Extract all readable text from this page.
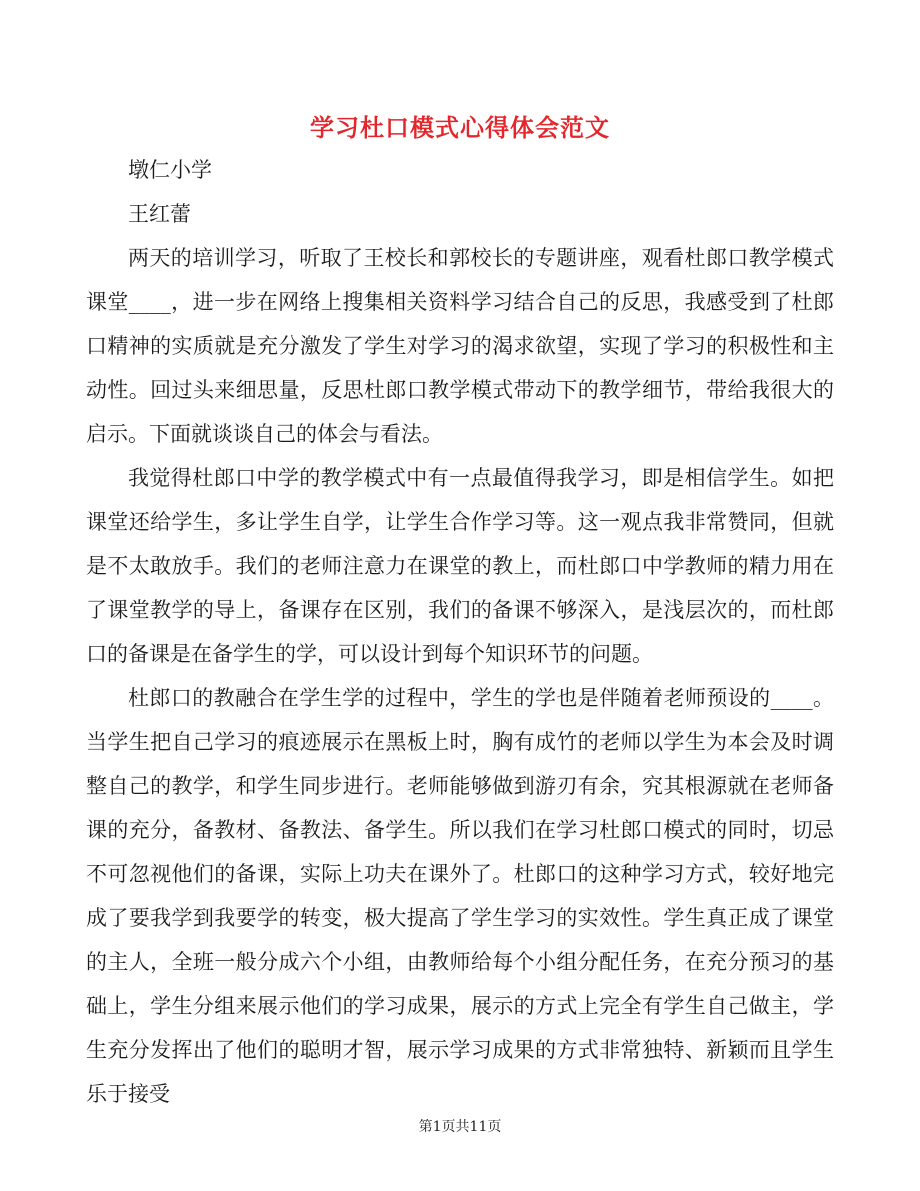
学习杜口模式心得体会范文

墩仁小学

王红蕾

两天的培训学习，听取了王校长和郭校长的专题讲座，观看杜郎口教学模式

课堂____，进一步在网络上搜集相关资料学习结合自己的反思，我感受到了杜郎

口精神的实质就是充分激发了学生对学习的渴求欲望，实现了学习的积极性和主

动性。回过头来细思量，反思杜郎口教学模式带动下的教学细节，带给我很大的

启示。下面就谈谈自己的体会与看法。

我觉得杜郎口中学的教学模式中有一点最值得我学习，即是相信学生。如把

课堂还给学生，多让学生自学，让学生合作学习等。这一观点我非常赞同，但就

是不太敢放手。我们的老师注意力在课堂的教上，而杜郎口中学教师的精力用在

了课堂教学的导上，备课存在区别，我们的备课不够深入，是浅层次的，而杜郎

口的备课是在备学生的学，可以设计到每个知识环节的问题。

杜郎口的教融合在学生学的过程中，学生的学也是伴随着老师预设的____。

当学生把自己学习的痕迹展示在黑板上时，胸有成竹的老师以学生为本会及时调

整自己的教学，和学生同步进行。老师能够做到游刃有余，究其根源就在老师备

课的充分，备教材、备教法、备学生。所以我们在学习杜郎口模式的同时，切忌

不可忽视他们的备课，实际上功夫在课外了。杜郎口的这种学习方式，较好地完

成了要我学到我要学的转变，极大提高了学生学习的实效性。学生真正成了课堂

的主人，全班一般分成六个小组，由教师给每个小组分配任务，在充分预习的基

础上，学生分组来展示他们的学习成果，展示的方式上完全有学生自己做主，学

生充分发挥出了他们的聪明才智，展示学习成果的方式非常独特、新颖而且学生

乐于接受

第1页共11页
